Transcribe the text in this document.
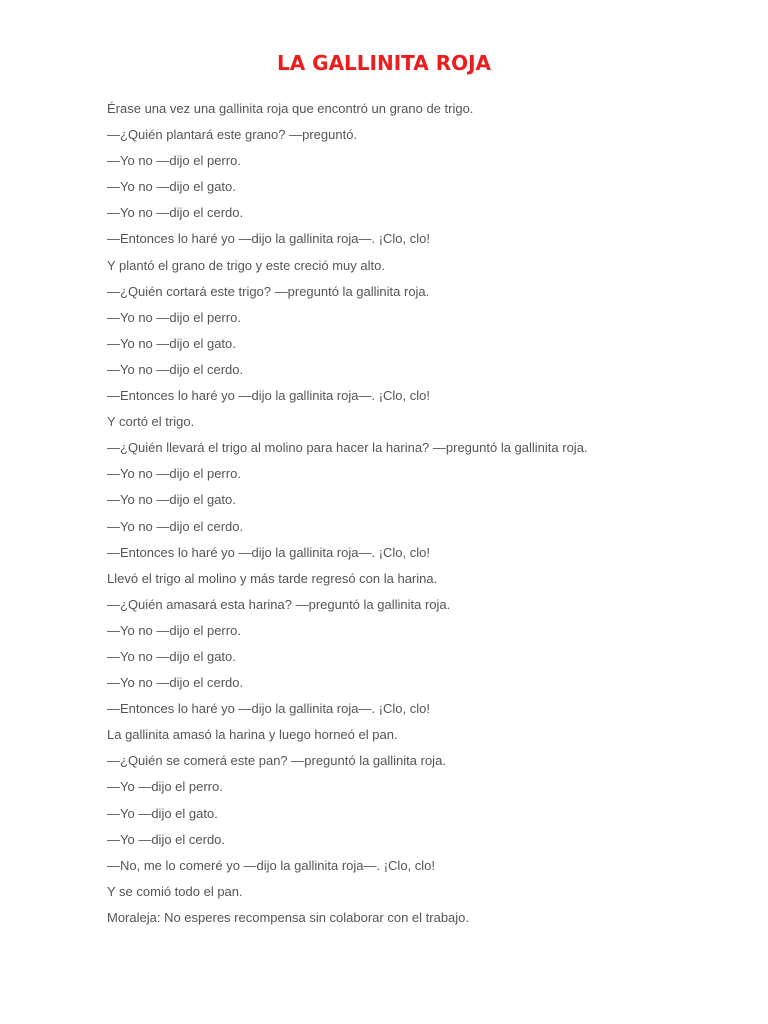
LA GALLINITA ROJA

Érase una vez una gallinita roja que encontró un grano de trigo.

—¿Quién plantará este grano? —preguntó.

—Yo no —dijo el perro.

—Yo no —dijo el gato.

—Yo no —dijo el cerdo.

—Entonces lo haré yo —dijo la gallinita roja—. ¡Clo, clo!

Y plantó el grano de trigo y este creció muy alto.

—¿Quién cortará este trigo? —preguntó la gallinita roja.

—Yo no —dijo el perro.

—Yo no —dijo el gato.

—Yo no —dijo el cerdo.

—Entonces lo haré yo —dijo la gallinita roja—. ¡Clo, clo!

Y cortó el trigo.

—¿Quién llevará el trigo al molino para hacer la harina? —preguntó la gallinita roja.

—Yo no —dijo el perro.

—Yo no —dijo el gato.

—Yo no —dijo el cerdo.

—Entonces lo haré yo —dijo la gallinita roja—. ¡Clo, clo!

Llevó el trigo al molino y más tarde regresó con la harina.

—¿Quién amasará esta harina? —preguntó la gallinita roja.

—Yo no —dijo el perro.

—Yo no —dijo el gato.

—Yo no —dijo el cerdo.

—Entonces lo haré yo —dijo la gallinita roja—. ¡Clo, clo!

La gallinita amasó la harina y luego horneó el pan.

—¿Quién se comerá este pan? —preguntó la gallinita roja.

—Yo —dijo el perro.

—Yo —dijo el gato.

—Yo —dijo el cerdo.

—No, me lo comeré yo —dijo la gallinita roja—. ¡Clo, clo!

Y se comió todo el pan.

Moraleja: No esperes recompensa sin colaborar con el trabajo.
